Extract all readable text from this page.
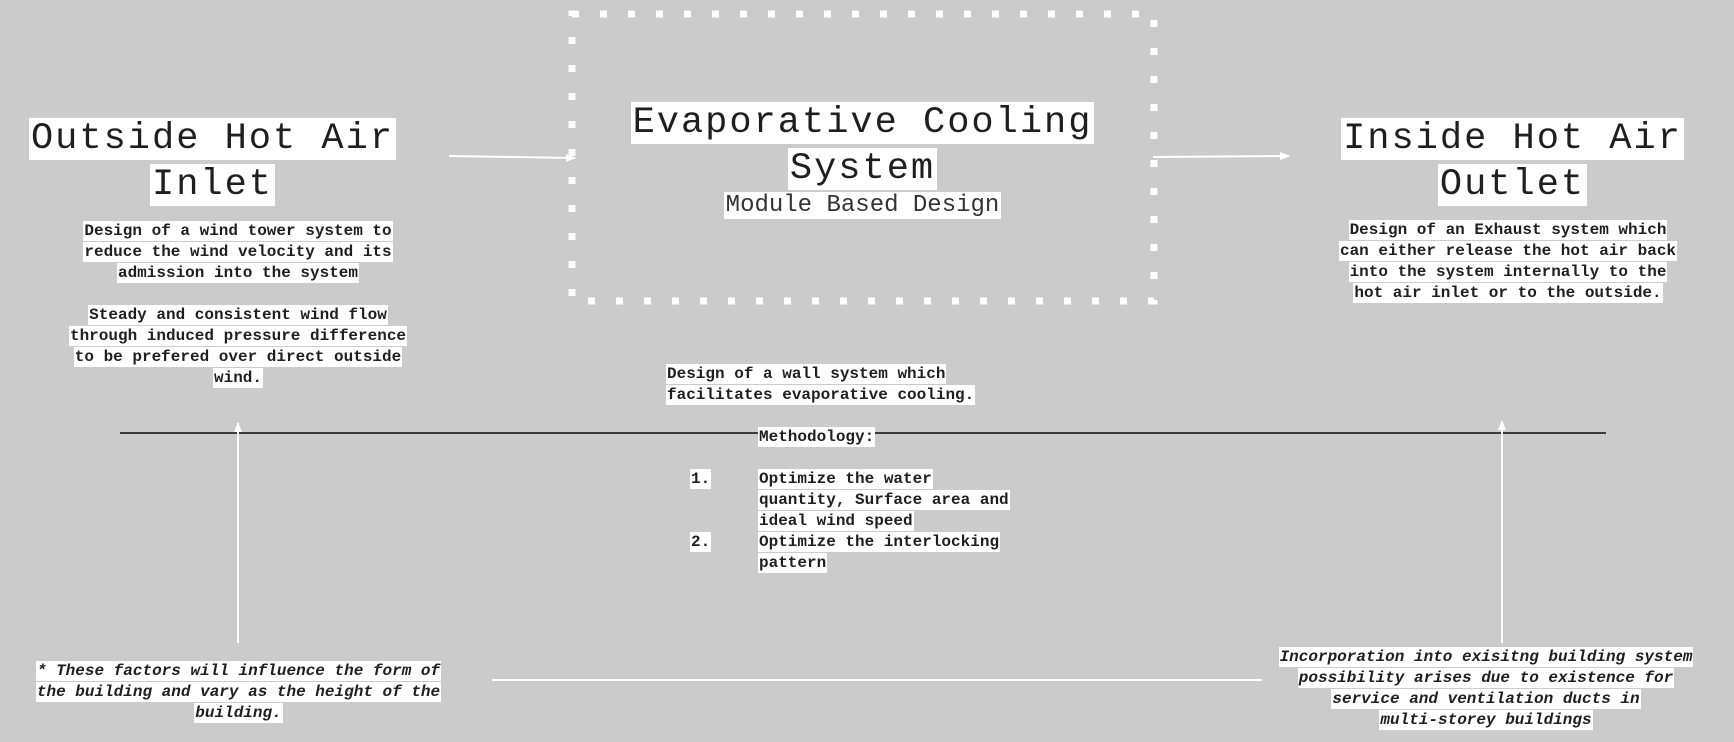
Outside Hot Air
Inlet
Design of a wind tower system to
reduce the wind velocity and its
admission into the system
Steady and consistent wind flow
through induced pressure difference
to be prefered over direct outside
wind.
Evaporative Cooling
System
Module Based Design
Design of a wall system which
facilitates evaporative cooling.
Methodology:
1.	Optimize the water
quantity, Surface area and
ideal wind speed
2.	Optimize the interlocking
pattern
Inside Hot Air
Outlet
Design of an Exhaust system which
can either release the hot air back
into the system internally to the
hot air inlet or to the outside.
* These factors will influence the form of
the building and vary as the height of the
building.
Incorporation into exisitng building system
possibility arises due to existence for
service and ventilation ducts in
multi-storey buildings
